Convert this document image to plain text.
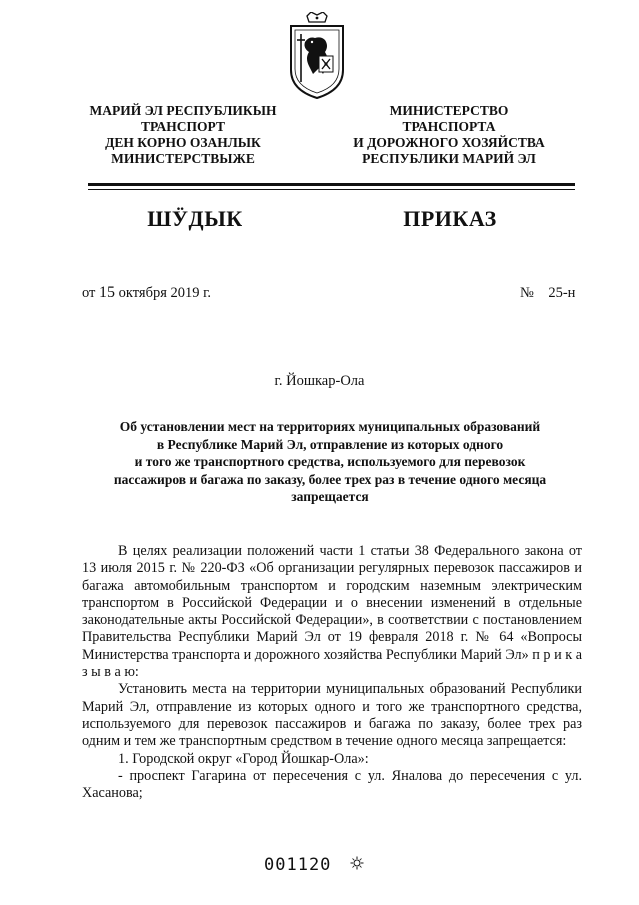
МАРИЙ ЭЛ РЕСПУБЛИКЫН
ТРАНСПОРТ
ДЕН КОРНО ОЗАНЛЫК
МИНИСТЕРСТВЫЖЕ
МИНИСТЕРСТВО
ТРАНСПОРТА
И ДОРОЖНОГО ХОЗЯЙСТВА
РЕСПУБЛИКИ МАРИЙ ЭЛ
ШӰДЫК	ПРИКАЗ
от 15 октября 2019 г.	№ 25-н
г. Йошкар-Ола
Об установлении мест на территориях муниципальных образований
в Республике Марий Эл, отправление из которых одного
и того же транспортного средства, используемого для перевозок
пассажиров и багажа по заказу, более трех раз в течение одного месяца
запрещается

В целях реализации положений части 1 статьи 38 Федерального закона от 13 июля 2015 г. № 220-ФЗ «Об организации регулярных перевозок пассажиров и багажа автомобильным транспортом и городским наземным электрическим транспортом в Российской Федерации и о внесении изменений в отдельные законодательные акты Российской Федерации», в соответствии с постановлением Правительства Республики Марий Эл от 19 февраля 2018 г. № 64 «Вопросы Министерства транспорта и дорожного хозяйства Республики Марий Эл» п р и к а з ы в а ю:

Установить места на территории муниципальных образований Республики Марий Эл, отправление из которых одного и того же транспортного средства, используемого для перевозок пассажиров и багажа по заказу, более трех раз одним и тем же транспортным средством в течение одного месяца запрещается:

1. Городской округ «Город Йошкар-Ола»:

- проспект Гагарина от пересечения с ул. Яналова до пересечения с ул. Хасанова;

001120
